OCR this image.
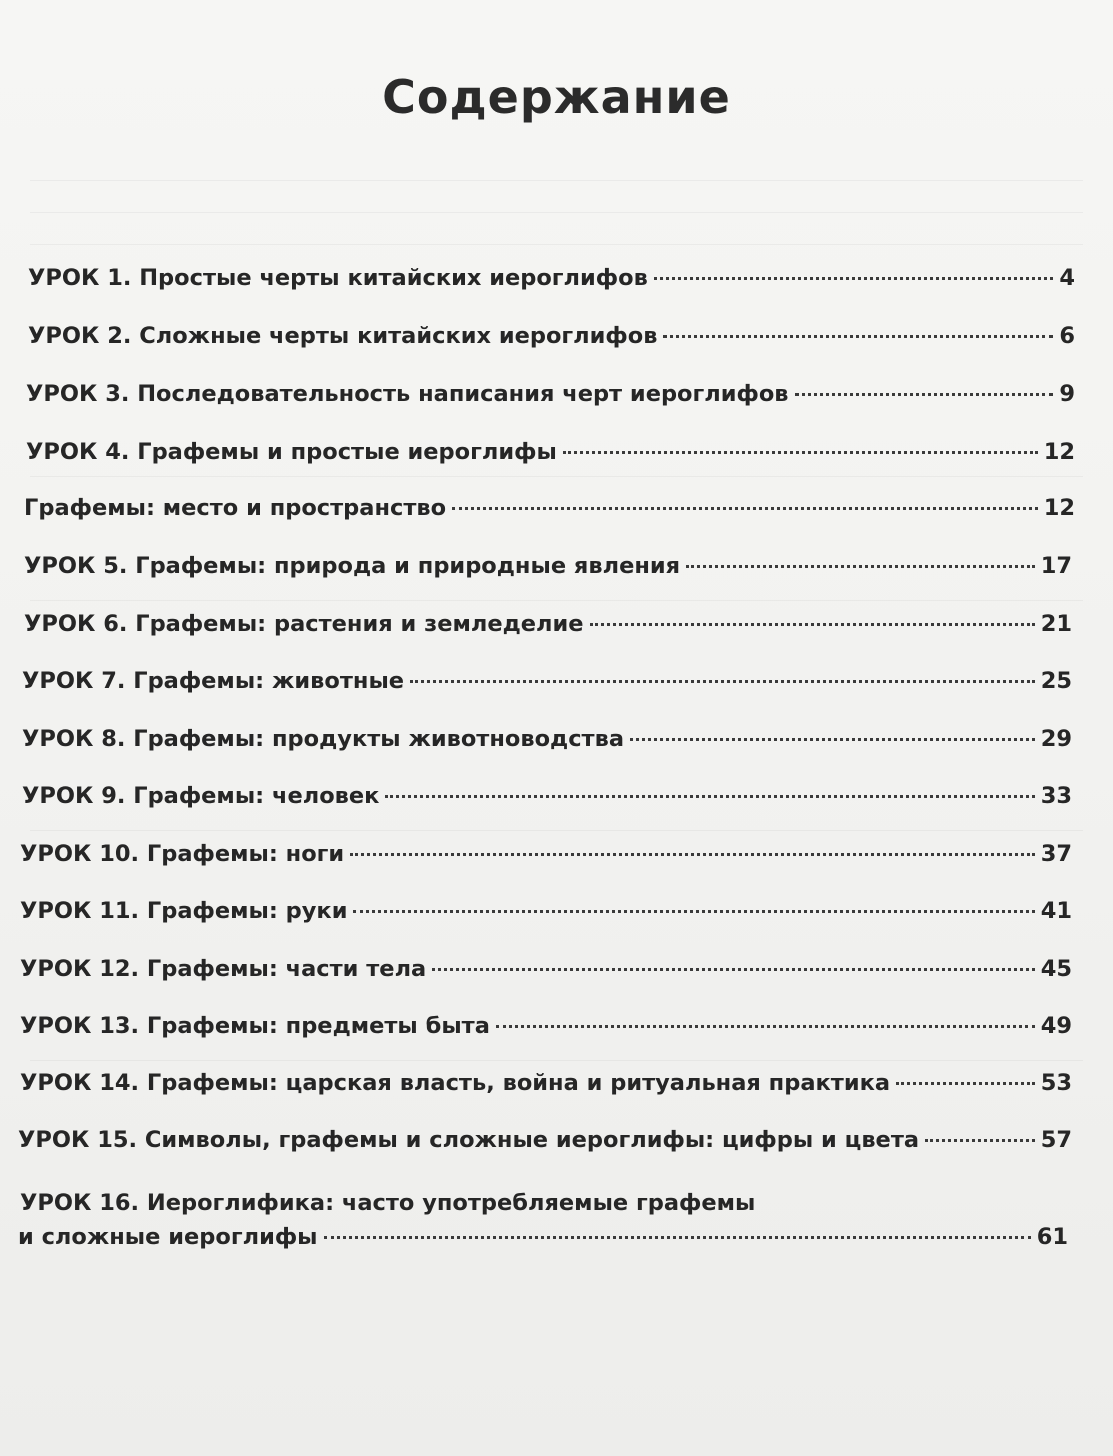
Содержание
УРОК 1. Простые черты китайских иероглифов	4
УРОК 2. Сложные черты китайских иероглифов	6
УРОК 3. Последовательность написания черт иероглифов	9
УРОК 4. Графемы и простые иероглифы	12
Графемы: место и пространство	12
УРОК 5. Графемы: природа и природные явления	17
УРОК 6. Графемы: растения и земледелие	21
УРОК 7. Графемы: животные	25
УРОК 8. Графемы: продукты животноводства	29
УРОК 9. Графемы: человек	33
УРОК 10. Графемы: ноги	37
УРОК 11. Графемы: руки	41
УРОК 12. Графемы: части тела	45
УРОК 13. Графемы: предметы быта	49
УРОК 14. Графемы: царская власть, война и ритуальная практика	53
УРОК 15. Символы, графемы и сложные иероглифы: цифры и цвета	57
УРОК 16. Иероглифика: часто употребляемые графемы
и сложные иероглифы	61
